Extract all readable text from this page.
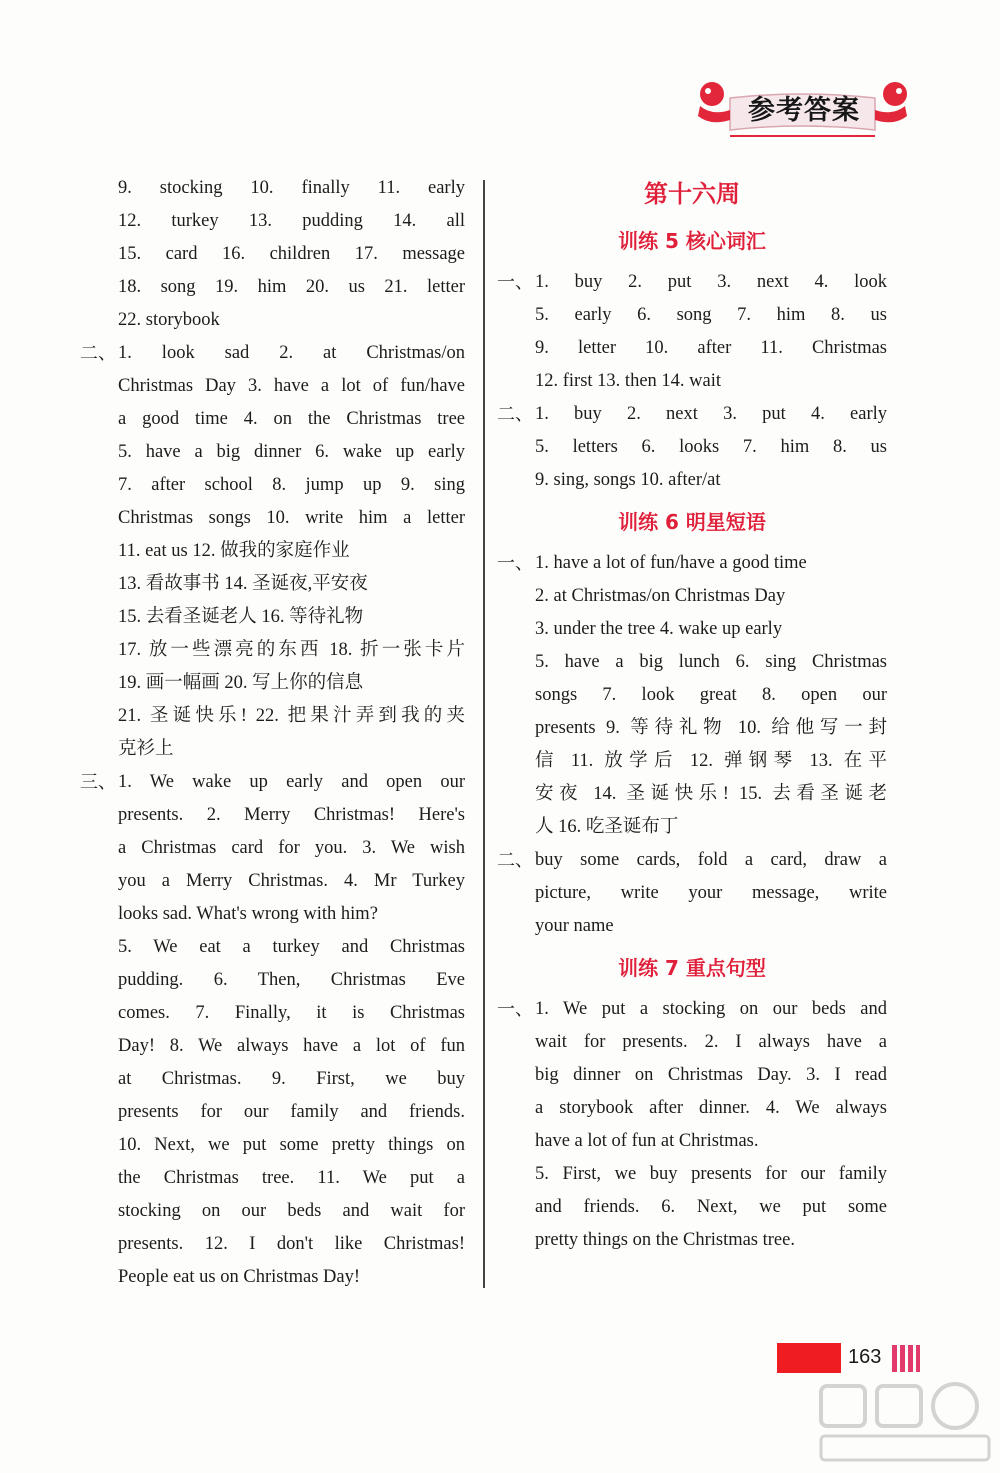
参考答案
9. stocking 10. finally 11. early
12. turkey 13. pudding 14. all
15. card 16. children 17. message
18. song 19. him 20. us 21. letter
22. storybook
二、 1. look sad 2. at Christmas/on
Christmas Day 3. have a lot of fun/have
a good time 4. on the Christmas tree
5. have a big dinner 6. wake up early
7. after school 8. jump up 9. sing
Christmas songs 10. write him a letter
11. eat us 12. 做我的家庭作业
13. 看故事书 14. 圣诞夜,平安夜
15. 去看圣诞老人 16. 等待礼物
17. 放一些漂亮的东西 18. 折一张卡片
19. 画一幅画 20. 写上你的信息
21. 圣诞快乐! 22. 把果汁弄到我的夹
克衫上
三、 1. We wake up early and open our
presents. 2. Merry Christmas! Here's
a Christmas card for you. 3. We wish
you a Merry Christmas. 4. Mr Turkey
looks sad. What's wrong with him?
5. We eat a turkey and Christmas
pudding. 6. Then, Christmas Eve
comes. 7. Finally, it is Christmas
Day! 8. We always have a lot of fun
at Christmas. 9. First, we buy
presents for our family and friends.
10. Next, we put some pretty things on
the Christmas tree. 11. We put a
stocking on our beds and wait for
presents. 12. I don't like Christmas!
People eat us on Christmas Day!
第十六周
训练 5 核心词汇
一、 1. buy 2. put 3. next 4. look
5. early 6. song 7. him 8. us
9. letter 10. after 11. Christmas
12. first 13. then 14. wait
二、 1. buy 2. next 3. put 4. early
5. letters 6. looks 7. him 8. us
9. sing, songs 10. after/at
训练 6 明星短语
一、 1. have a lot of fun/have a good time
2. at Christmas/on Christmas Day
3. under the tree 4. wake up early
5. have a big lunch 6. sing Christmas
songs 7. look great 8. open our
presents 9. 等待礼物 10. 给他写一封
信 11. 放学后 12. 弹钢琴 13. 在平
安夜 14. 圣诞快乐! 15. 去看圣诞老
人 16. 吃圣诞布丁
二、 buy some cards, fold a card, draw a
picture, write your message, write
your name
训练 7 重点句型
一、 1. We put a stocking on our beds and
wait for presents. 2. I always have a
big dinner on Christmas Day. 3. I read
a storybook after dinner. 4. We always
have a lot of fun at Christmas.
5. First, we buy presents for our family
and friends. 6. Next, we put some
pretty things on the Christmas tree.
163
